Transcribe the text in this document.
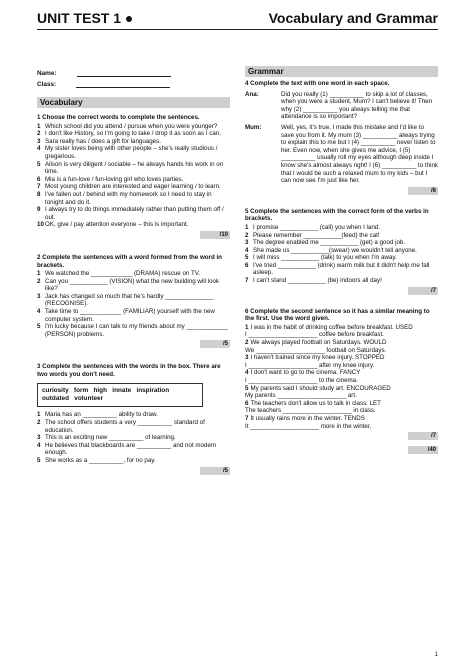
UNIT TEST 1 ●	Vocabulary and Grammar
Name:
Class:
Vocabulary
1 Choose the correct words to complete the sentences.
1 Which school did you attend / pursue when you were younger?
2 I don't like History, so I'm going to take / drop it as soon as I can.
3 Sara really has / does a gift for languages.
4 My sister loves being with other people – she's really studious / gregarious.
5 Alison is very diligent / sociable – he always hands his work in on time.
6 Mia is a fun-love / fun-loving girl who loves parties.
7 Most young children are interested and eager learning / to learn.
8 I've fallen out / behind with my homework so I need to stay in tonight and do it.
9 I always try to do things immediately rather than putting them off / out.
10 OK, give / pay attention everyone – this is important.
/10
2 Complete the sentences with a word formed from the word in brackets.
1 We watched the ____________ (DRAMA) rescue on TV.
2 Can you ___________ (VISION) what the new building will look like?
3 Jack has changed so much that he's hardly ______________ (RECOGNISE).
4 Take time to ____________ (FAMILIAR) yourself with the new computer system.
5 I'm lucky because I can talk to my friends about my ____________ (PERSON) problems.
/5
3 Complete the sentences with the words in the box. There are two words you don't need.
curiosity   form   high   innate   inspiration
outdated   volunteer
1 Maria has an __________ ability to draw.
2 The school offers students a very __________ standard of education.
3 This is an exciting new __________ of learning.
4 He believes that blackboards are __________ and not modern enough.
5 She works as a __________, for no pay.
/5
Grammar
4 Complete the text with one word in each space.
Ana:	Did you really (1) __________ to skip a lot of classes, when you were a student, Mum? I can't believe it! Then why (2) __________ you always telling me that attendance is so important?
Mum:	Well, yes, it's true. I made this mistake and I'd like to save you from it. My mum (3) __________ always trying to explain this to me but I (4) __________ never listen to her. Even now, when she gives me advice, I (5) __________ usually roll my eyes although deep inside I know she's almost always right! I (6) __________ to think that I would be such a relaxed mum to my kids – but I can now see I'm just like her.
/6
5 Complete the sentences with the correct form of the verbs in brackets.
1 I promise ___________ (call) you when I land.
2 Please remember ___________(feed) the cat!
3 The degree enabled me ___________ (get) a good job.
4 She made us ___________(swear) we wouldn't tell anyone.
5 I will miss ___________ (talk) to you when I'm away.
6 I've tried ___________ (drink) warm milk but it didn't help me fall asleep.
7 I can't stand ___________ (be) indoors all day!
/7
6 Complete the second sentence so it has a similar meaning to the first. Use the word given.
1 I was in the habit of drinking coffee before breakfast. USED
I ____________________ coffee before breakfast.
2 We always played football on Saturdays. WOULD
We ____________________ football on Saturdays.
3 I haven't trained since my knee injury. STOPPED
I ____________________ after my knee injury.
4 I don't want to go to the cinema. FANCY
I ____________________ to the cinema.
5 My parents said I should study art. ENCOURAGED
My parents ____________________ art.
6 The teachers don't allow us to talk in class. LET
The teachers ____________________ in class.
7 It usually rains more in the winter. TENDS
It ____________________ more in the winter.
/7
/40
1
